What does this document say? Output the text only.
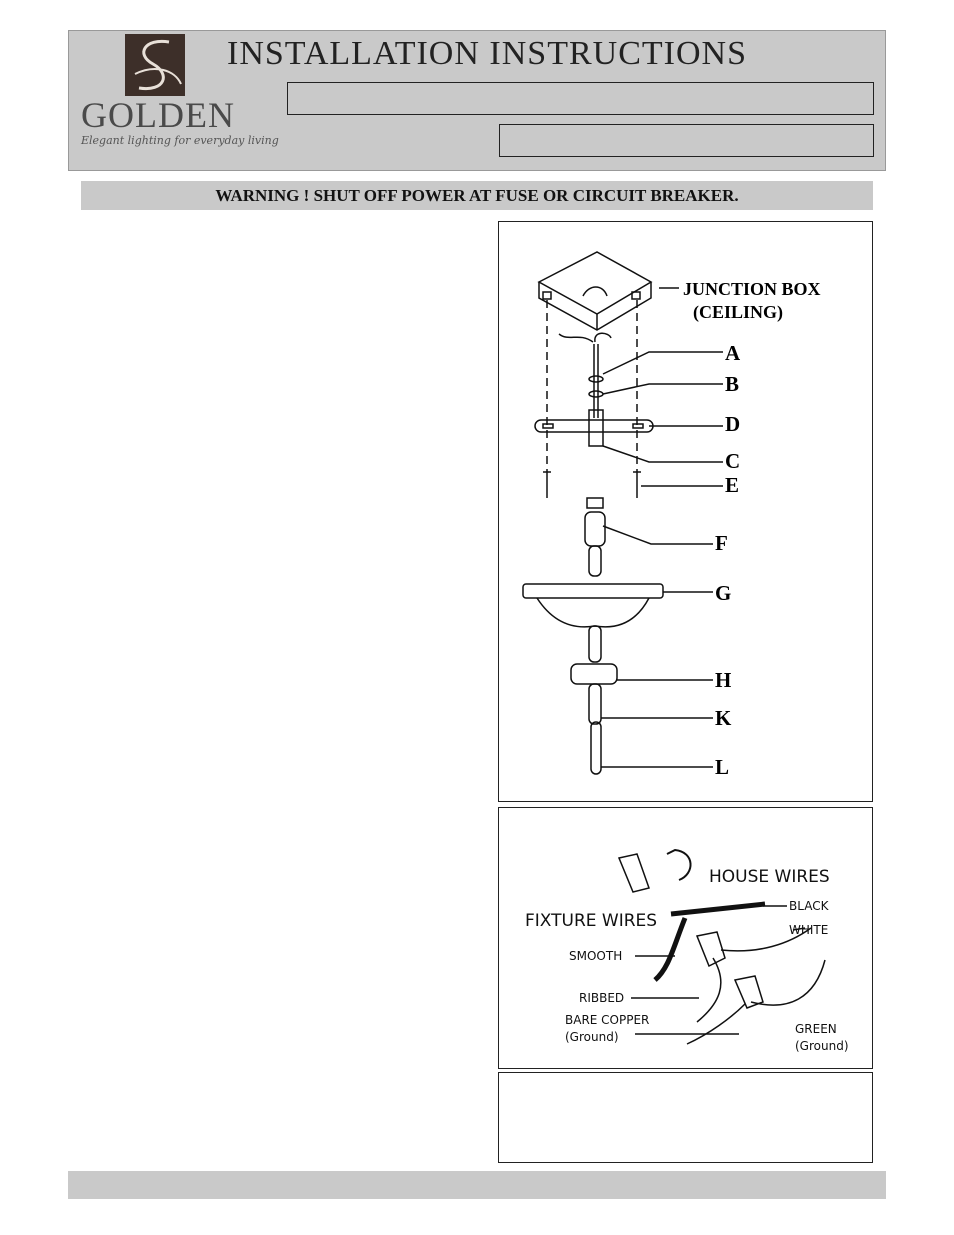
GOLDEN
Elegant lighting for everyday living
INSTALLATION INSTRUCTIONS
WARNING ! SHUT OFF POWER AT FUSE OR CIRCUIT BREAKER.
JUNCTION BOX
(CEILING)
A
B
D
C
E
F
G
H
K
L
HOUSE WIRES
FIXTURE WIRES
BLACK
WHITE
SMOOTH
RIBBED
BARE COPPER
(Ground)
GREEN
(Ground)
